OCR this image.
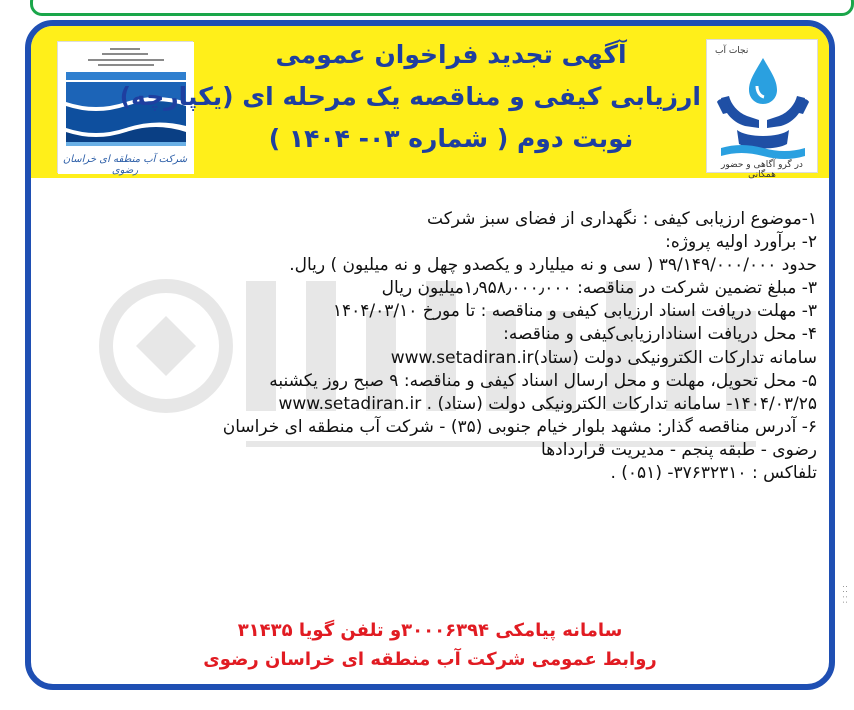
شرکت آب منطقه ای خراسان رضوی
آگهی تجدید فراخوان عمومی
ارزیابی کیفی و مناقصه یک مرحله ای (یکپارچه)
نوبت دوم ( شماره ۰۳- ۱۴۰۴ )
نجات آب
در گرو آگاهی و حضور همگانی

۱-موضوع ارزیابی کیفی : نگهداری از فضای سبز شرکت

۲- برآورد اولیه پروژه:

حدود ۳۹/۱۴۹/۰۰۰/۰۰۰ ( سی و نه میلیارد و یکصدو چهل و نه میلیون ) ریال.

۳- مبلغ تضمین شرکت در مناقصه: ۱٫۹۵۸٫۰۰۰٫۰۰۰میلیون ریال

۳- مهلت دریافت اسناد ارزیابی کیفی و مناقصه : تا مورخ ۱۴۰۴/۰۳/۱۰

۴- محل دریافت اسنادارزیابی‌کیفی و مناقصه:

سامانه تدارکات الکترونیکی دولت (ستاد)www.setadiran.ir

۵- محل تحویل، مهلت و محل ارسال اسناد کیفی و مناقصه: ۹ صبح روز یکشنبه

۱۴۰۴/۰۳/۲۵- سامانه تدارکات الکترونیکی دولت (ستاد) www.setadiran.ir .

۶- آدرس مناقصه گذار: مشهد بلوار خیام جنوبی (۳۵) - شرکت آب منطقه ای خراسان

رضوی - طبقه پنجم - مدیریت قراردادها

تلفاکس : ۳۷۶۳۲۳۱۰- (۰۵۱) .

سامانه پیامکی ۳۰۰۰۶۳۹۴و تلفن گویا ۳۱۴۳۵
روابط عمومی شرکت آب منطقه ای خراسان رضوی
: : : :
